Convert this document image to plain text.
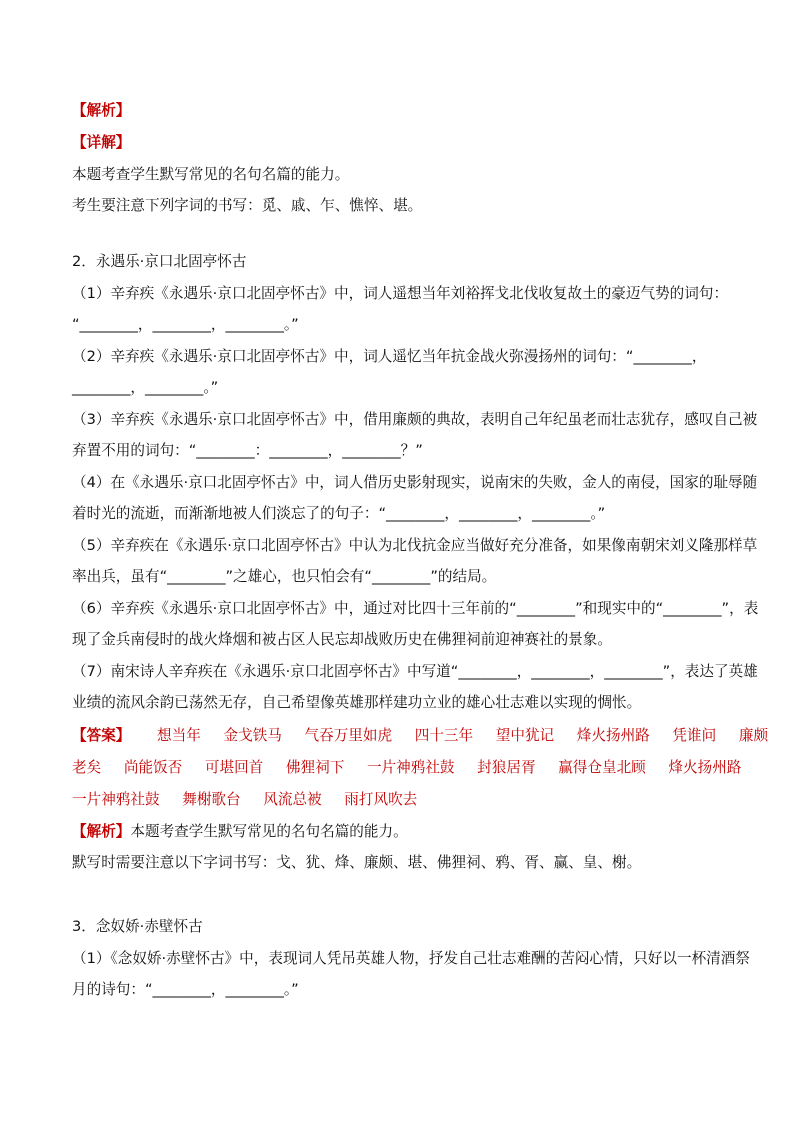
【解析】
【详解】
本题考查学生默写常见的名句名篇的能力。
考生要注意下列字词的书写：觅、戚、乍、憔悴、堪。
2．永遇乐·京口北固亭怀古
（1）辛弃疾《永遇乐·京口北固亭怀古》中，词人遥想当年刘裕挥戈北伐收复故土的豪迈气势的词句：
“________，________，________。”
（2）辛弃疾《永遇乐·京口北固亭怀古》中，词人遥忆当年抗金战火弥漫扬州的词句：“________，
________，________。”
（3）辛弃疾《永遇乐·京口北固亭怀古》中，借用廉颇的典故，表明自己年纪虽老而壮志犹存，感叹自己被
弃置不用的词句：“________：________，________？”
（4）在《永遇乐·京口北固亭怀古》中，词人借历史影射现实，说南宋的失败，金人的南侵，国家的耻辱随
着时光的流逝，而渐渐地被人们淡忘了的句子：“________，________，________。”
（5）辛弃疾在《永遇乐·京口北固亭怀古》中认为北伐抗金应当做好充分准备，如果像南朝宋刘义隆那样草
率出兵，虽有“________”之雄心，也只怕会有“________”的结局。
（6）辛弃疾《永遇乐·京口北固亭怀古》中，通过对比四十三年前的“________”和现实中的“________”，表
现了金兵南侵时的战火烽烟和被占区人民忘却战败历史在佛狸祠前迎神赛社的景象。
（7）南宋诗人辛弃疾在《永遇乐·京口北固亭怀古》中写道“________，________，________”，表达了英雄
业绩的流风余韵已荡然无存，自己希望像英雄那样建功立业的雄心壮志难以实现的惆怅。
【答案】 想当年 金戈铁马 气吞万里如虎 四十三年 望中犹记 烽火扬州路 凭谁问 廉颇
老矣 尚能饭否 可堪回首 佛狸祠下 一片神鸦社鼓 封狼居胥 赢得仓皇北顾 烽火扬州路
一片神鸦社鼓 舞榭歌台 风流总被 雨打风吹去
【解析】本题考查学生默写常见的名句名篇的能力。
默写时需要注意以下字词书写：戈、犹、烽、廉颇、堪、佛狸祠、鸦、胥、赢、皇、榭。
3．念奴娇·赤壁怀古
（1）《念奴娇·赤壁怀古》中，表现词人凭吊英雄人物，抒发自己壮志难酬的苦闷心情，只好以一杯清酒祭
月的诗句：“________，________。”
